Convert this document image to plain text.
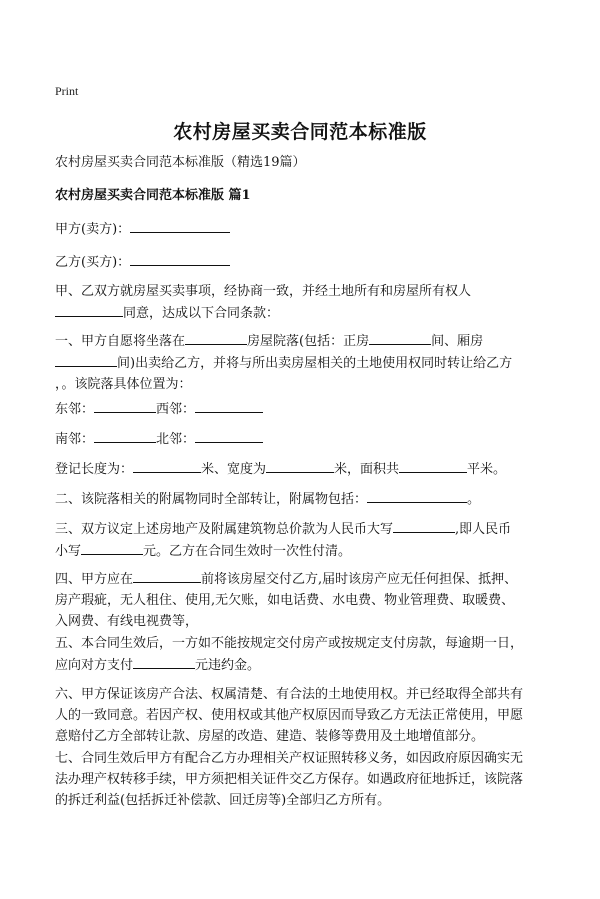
Print
农村房屋买卖合同范本标准版
农村房屋买卖合同范本标准版（精选19篇）
农村房屋买卖合同范本标准版 篇1
甲方(卖方)：
乙方(买方)：
甲、乙双方就房屋买卖事项，经协商一致，并经土地所有和房屋所有权人
同意，达成以下合同条款：
一、甲方自愿将坐落在	房屋院落(包括：正房	间、厢房
间)出卖给乙方，并将与所出卖房屋相关的土地使用权同时转让给乙方
，。该院落具体位置为：
东邻：	西邻：
南邻：	北邻：
登记长度为：	米、宽度为	米，面积共	平米。
二、该院落相关的附属物同时全部转让，附属物包括：	。
三、双方议定上述房地产及附属建筑物总价款为人民币大写	,即人民币
小写	元。乙方在合同生效时一次性付清。
四、甲方应在	前将该房屋交付乙方,届时该房产应无任何担保、抵押、
房产瑕疵，无人租住、使用,无欠账，如电话费、水电费、物业管理费、取暖费、
入网费、有线电视费等，
五、本合同生效后，一方如不能按规定交付房产或按规定支付房款，每逾期一日，
应向对方支付	元违约金。
六、甲方保证该房产合法、权属清楚、有合法的土地使用权。并已经取得全部共有
人的一致同意。若因产权、使用权或其他产权原因而导致乙方无法正常使用，甲愿
意赔付乙方全部转让款、房屋的改造、建造、装修等费用及土地增值部分。
七、合同生效后甲方有配合乙方办理相关产权证照转移义务，如因政府原因确实无
法办理产权转移手续，甲方须把相关证件交乙方保存。如遇政府征地拆迁，该院落
的拆迁利益(包括拆迁补偿款、回迁房等)全部归乙方所有。
